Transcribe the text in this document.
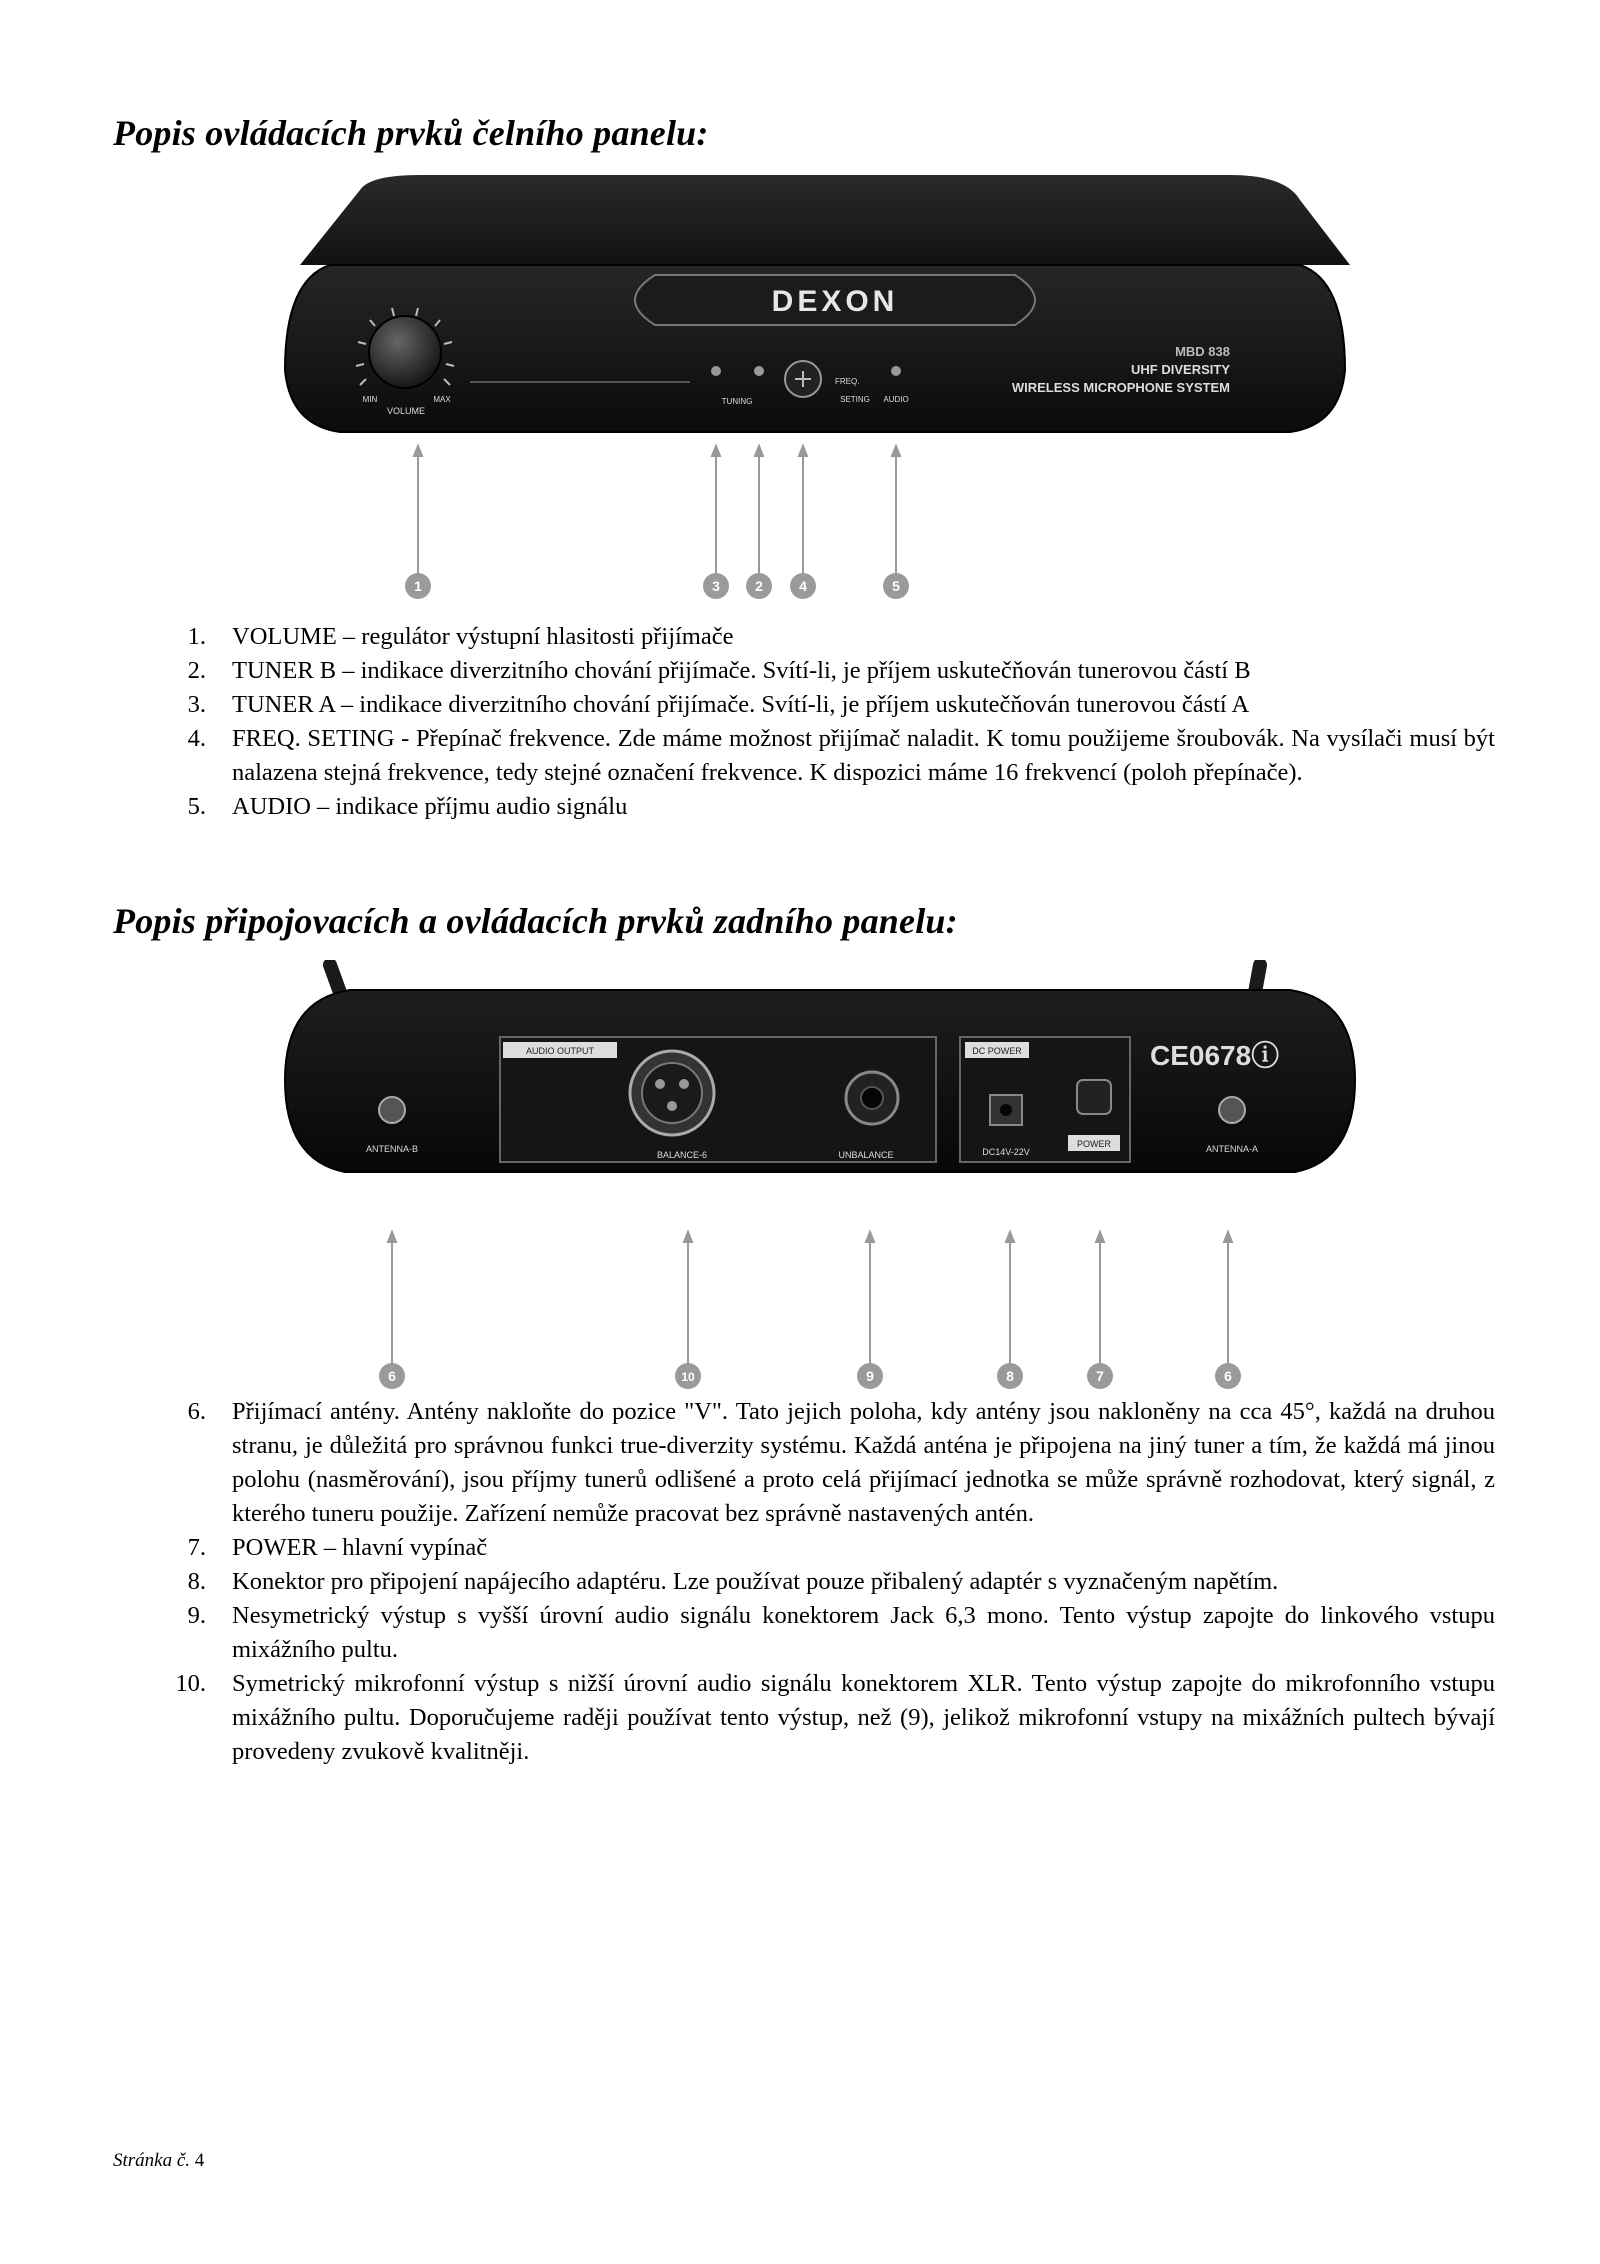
Popis ovládacích prvků čelního panelu:
DEXON
MIN	MAX
VOLUME
TUNING
FREQ.
SETING AUDIO
MBD 838
UHF DIVERSITY
WIRELESS MICROPHONE SYSTEM
1	3	2	4	5
1. VOLUME – regulátor výstupní hlasitosti přijímače
2. TUNER B – indikace diverzitního chování přijímače. Svítí-li, je příjem uskutečňován tunerovou částí B
3. TUNER A – indikace diverzitního chování přijímače. Svítí-li, je příjem uskutečňován tunerovou částí A
4. FREQ. SETING - Přepínač frekvence. Zde máme možnost přijímač naladit. K tomu použijeme šroubovák. Na vysílači musí být nalazena stejná frekvence, tedy stejné označení frekvence. K dispozici máme 16 frekvencí (poloh přepínače).
5. AUDIO – indikace příjmu audio signálu
Popis připojovacích a ovládacích prvků zadního panelu:
AUDIO OUTPUT
BALANCE-6	UNBALANCE
DC POWER
DC14V-22V
POWER
CE0678ⓘ
ANTENNA-B	ANTENNA-A
6	10	9	8	7	6
6. Přijímací antény. Antény nakloňte do pozice "V". Tato jejich poloha, kdy antény jsou nakloněny na cca 45°, každá na druhou stranu, je důležitá pro správnou funkci true-diverzity systému. Každá anténa je připojena na jiný tuner a tím, že každá má jinou polohu (nasměrování), jsou příjmy tunerů odlišené a proto celá přijímací jednotka se může správně rozhodovat, který signál, z kterého tuneru použije. Zařízení nemůže pracovat bez správně nastavených antén.
7. POWER – hlavní vypínač
8. Konektor pro připojení napájecího adaptéru. Lze používat pouze přibalený adaptér s vyznačeným napětím.
9. Nesymetrický výstup s vyšší úrovní audio signálu konektorem Jack 6,3 mono. Tento výstup zapojte do linkového vstupu mixážního pultu.
10. Symetrický mikrofonní výstup s nižší úrovní audio signálu konektorem XLR. Tento výstup zapojte do mikrofonního vstupu mixážního pultu. Doporučujeme raději používat tento výstup, než (9), jelikož mikrofonní vstupy na mixážních pultech bývají provedeny zvukově kvalitněji.
Stránka č. 4
